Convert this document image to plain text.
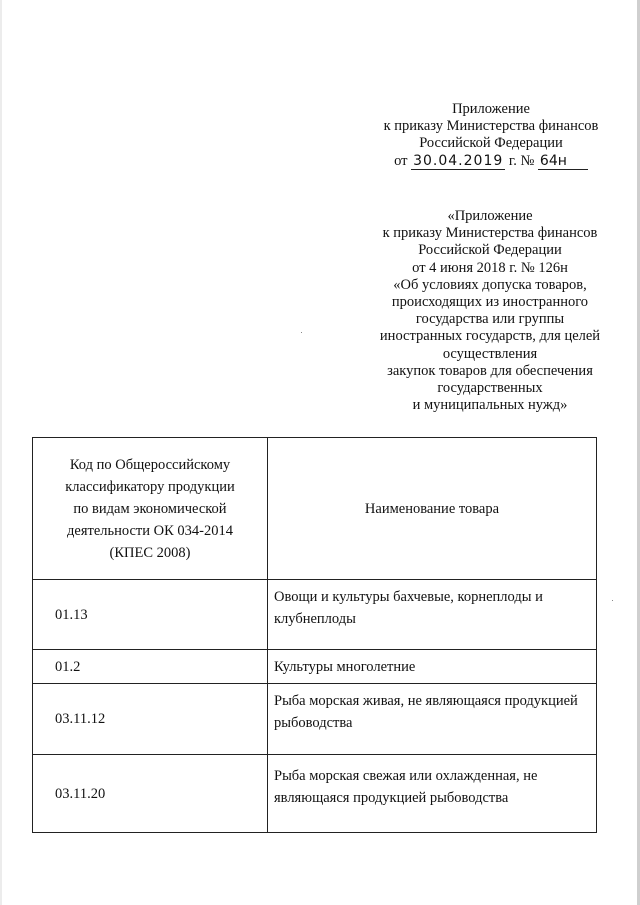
Приложение
к приказу Министерства финансов
Российской Федерации
от 30.04.2019 г. № 64н
«Приложение
к приказу Министерства финансов
Российской Федерации
от 4 июня 2018 г. № 126н
«Об условиях допуска товаров,
происходящих из иностранного
государства или группы
иностранных государств, для целей
осуществления
закупок товаров для обеспечения
государственных
и муниципальных нужд»
Код по Общероссийскому
классификатору продукции
по видам экономической
деятельности ОК 034-2014
(КПЕС 2008)	Наименование товара
01.13	Овощи и культуры бахчевые, корнеплоды и
клубнеплоды

01.2	Культуры многолетние

03.11.12	Рыба морская живая, не являющаяся продукцией
рыбоводства

03.11.20	Рыба морская свежая или охлажденная, не
являющаяся продукцией рыбоводства
